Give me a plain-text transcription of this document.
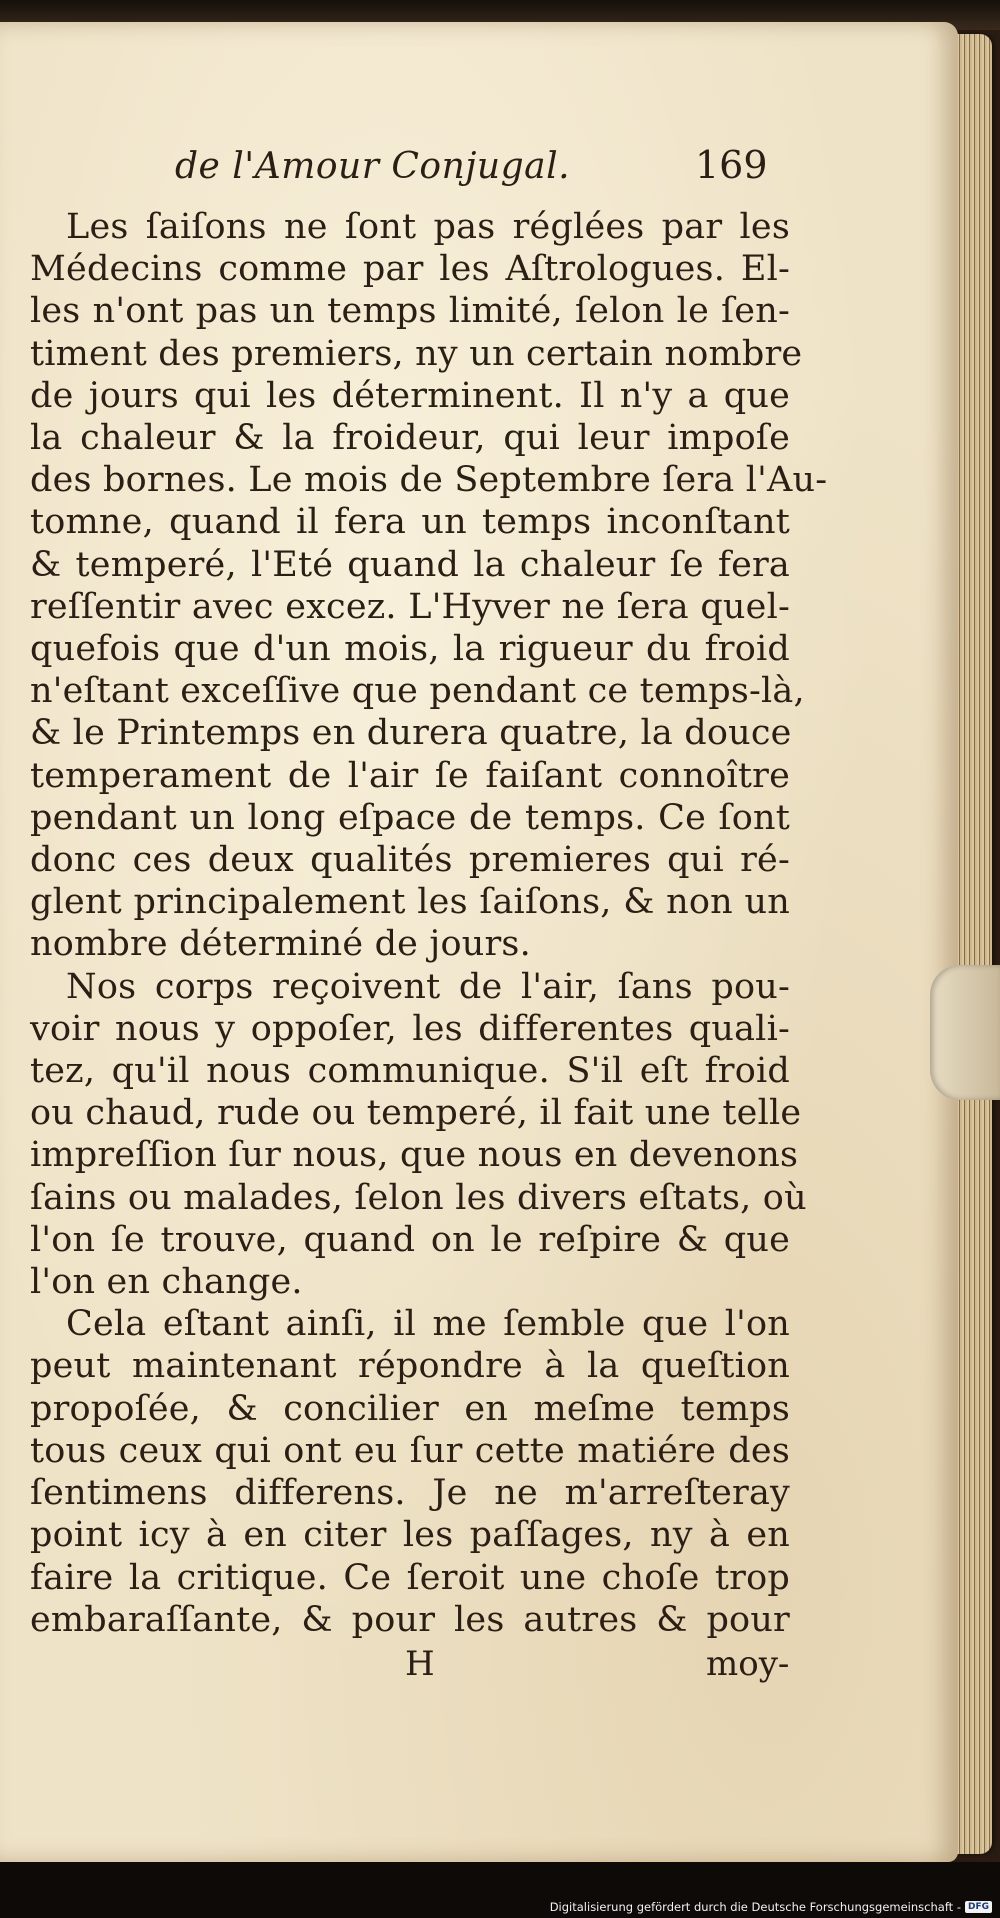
de l'Amour Conjugal.	169
Les ſaiſons ne ſont pas réglées par les
Médecins comme par les Aſtrologues. El-
les n'ont pas un temps limité, ſelon le ſen-
timent des premiers, ny un certain nombre
de jours qui les déterminent. Il n'y a que
la chaleur & la froideur, qui leur impoſe
des bornes. Le mois de Septembre ſera l'Au-
tomne, quand il fera un temps inconſtant
& temperé, l'Eté quand la chaleur ſe fera
reſſentir avec excez. L'Hyver ne ſera quel-
quefois que d'un mois, la rigueur du froid
n'eſtant exceſſive que pendant ce temps-là,
& le Printemps en durera quatre, la douce
temperament de l'air ſe faiſant connoître
pendant un long eſpace de temps. Ce ſont
donc ces deux qualités premieres qui ré-
glent principalement les ſaiſons, & non un
nombre déterminé de jours.
Nos corps reçoivent de l'air, ſans pou-
voir nous y oppoſer, les differentes quali-
tez, qu'il nous communique. S'il eſt froid
ou chaud, rude ou temperé, il fait une telle
impreſſion ſur nous, que nous en devenons
ſains ou malades, ſelon les divers eſtats, où
l'on ſe trouve, quand on le reſpire & que
l'on en change.
Cela eſtant ainſi, il me ſemble que l'on
peut maintenant répondre à la queſtion
propoſée, & concilier en meſme temps
tous ceux qui ont eu ſur cette matiére des
ſentimens differens. Je ne m'arreſteray
point icy à en citer les paſſages, ny à en
faire la critique. Ce ſeroit une choſe trop
embaraſſante, & pour les autres & pour
H	moy-
Digitalisierung gefördert durch die Deutsche Forschungsgemeinschaft - DFG
